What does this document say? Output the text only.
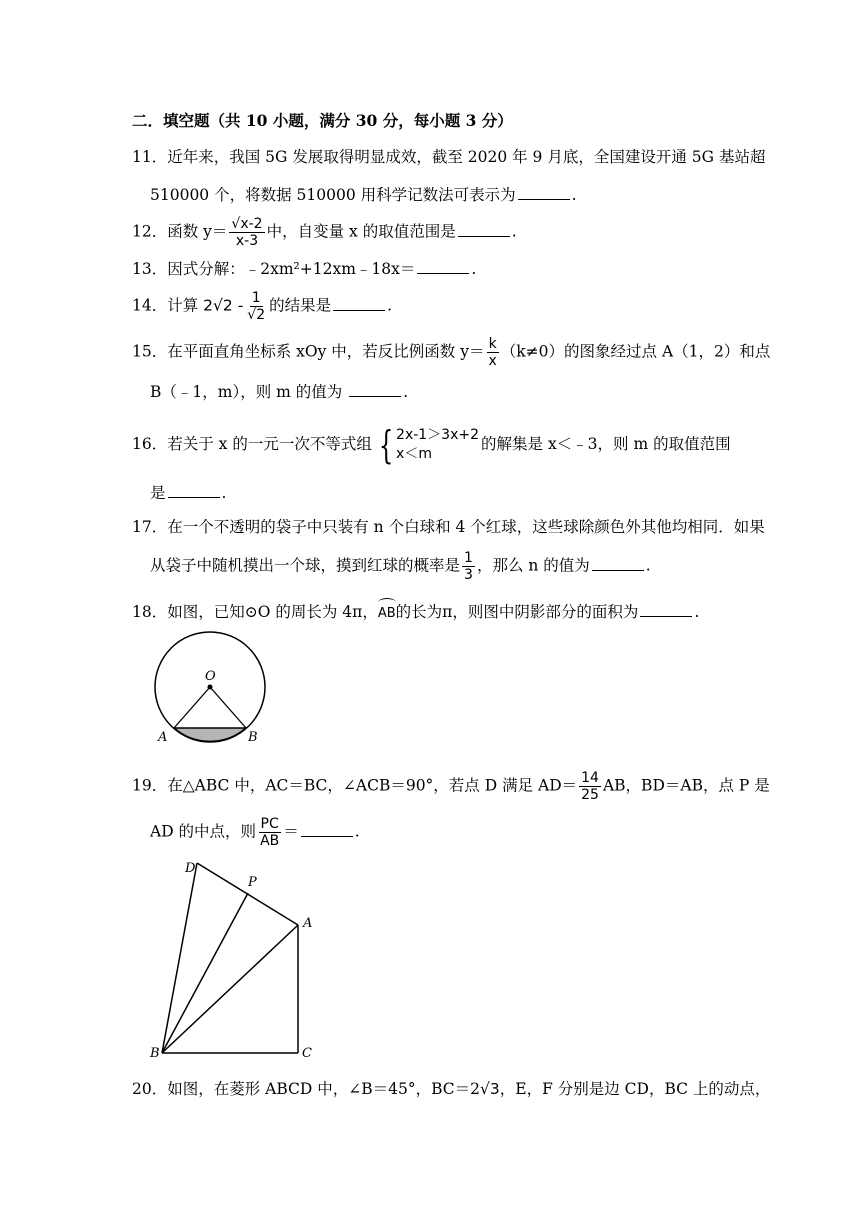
二．填空题（共 10 小题，满分 30 分，每小题 3 分）
11．近年来，我国 5G 发展取得明显成效，截至 2020 年 9 月底，全国建设开通 5G 基站超
510000 个，将数据 510000 用科学记数法可表示为	.
12．函数 $y= \frac{√x-2}{x-3}$ 中，自变量 x 的取值范围是	.
13．因式分解：﹣2xm²+12xm﹣18x＝	.
14．计算 $2√2 - \frac{1}{√2}$ 的结果是	.
15．在平面直角坐标系 xOy 中，若反比例函数 $y= \frac{k}{x} (k\ne 0)$的图象经过点 A（1，2）和点
B（﹣1，m），则 m 的值为	.
16．若关于 x 的一元一次不等式组 { 2x-1＞3x+2
x＜m
的解集是 x＜﹣3，则 m 的取值范围
是	.
17．在一个不透明的袋子中只装有 n 个白球和 4 个红球，这些球除颜色外其他均相同．如果
从袋子中随机摸出一个球，摸到红球的概率是 $\frac{1}{3}$ ，那么 n 的值为	.
18．如图，已知⊙O 的周长为 4π，AB的长为π，则图中阴影部分的面积为	.
O
A	B
19．在△ABC 中，AC＝BC，∠ACB＝90°，若点 D 满足 $AD= \frac{14}{25}$ AB，BD＝AB，点 P 是
AD 的中点，则 $\frac{PC}{AB}$ ＝	.
D
P
A
B	C
20．如图，在菱形 ABCD 中，∠B＝45°，BC＝2√3，E，F 分别是边 CD，BC 上的动点，
